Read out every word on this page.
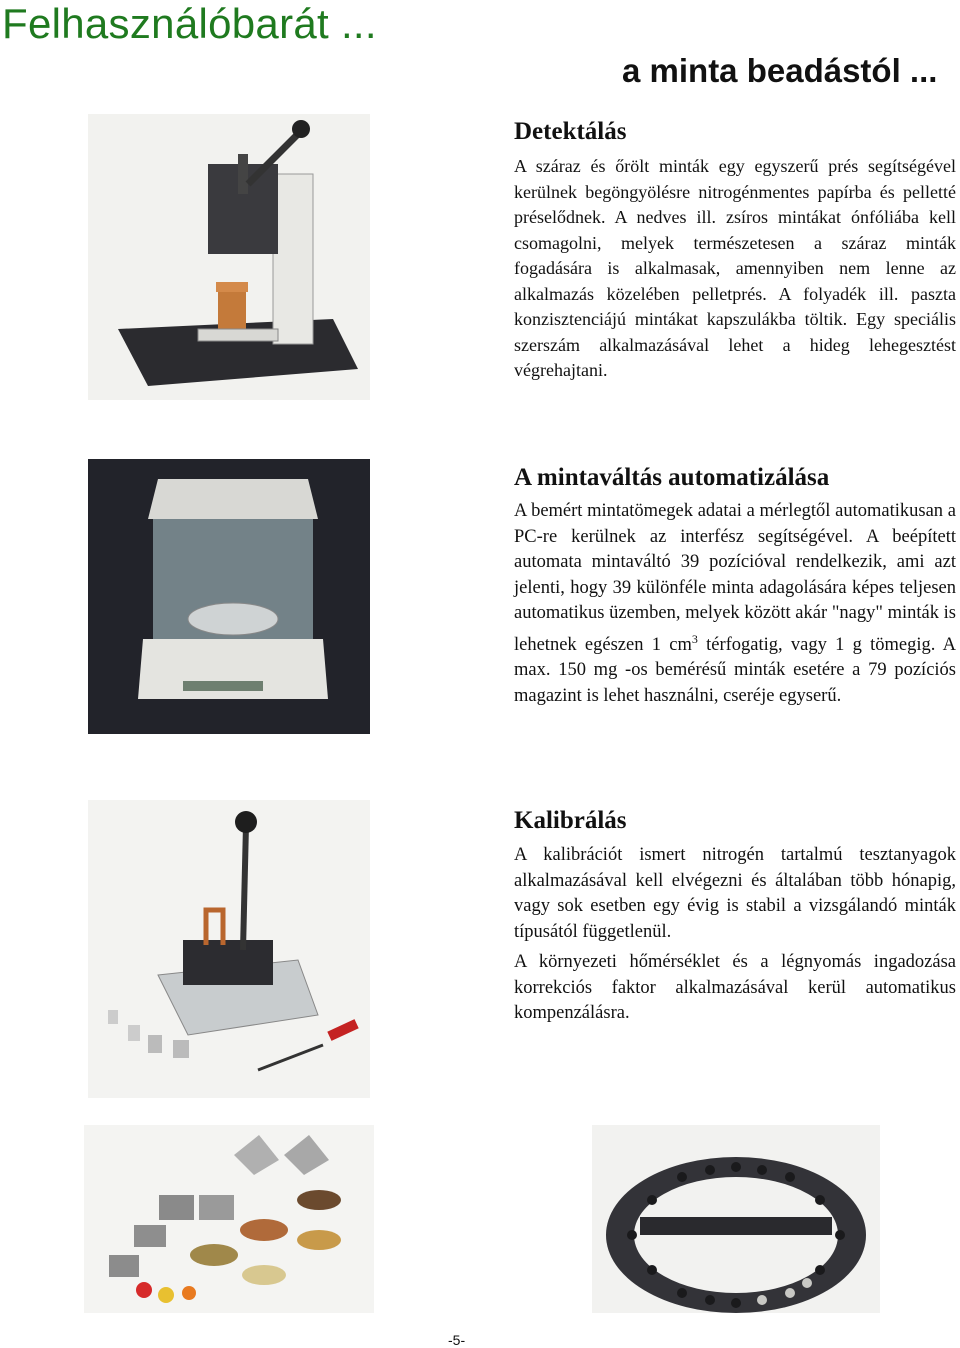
Felhasználóbarát ...
a minta beadástól ...
Detektálás
A száraz és őrölt minták egy egyszerű prés segítségével kerülnek begöngyölésre nitrogénmentes papírba és pelletté préselődnek. A nedves ill. zsíros mintákat ónfóliába kell csomagolni, melyek természetesen a száraz minták fogadására is alkalmasak, amennyiben nem lenne az alkalmazás közelében pelletprés. A folyadék ill. paszta konzisztenciájú mintákat kapszulákba töltik. Egy speciális szerszám alkalmazásával lehet a hideg lehegesztést végrehajtani.
A mintaváltás automatizálása
A bemért mintatömegek adatai a mérlegtől automatikusan a PC-re kerülnek az interfész segítségével. A beépített automata mintaváltó 39 pozícióval rendelkezik, ami azt jelenti, hogy 39 különféle minta adagolására képes teljesen automatikus üzemben, melyek között akár "nagy" minták is lehetnek egészen 1 $cm^3$ térfogatig, vagy 1 g tömegig. A max. 150 mg -os bemérésű minták esetére a 79 pozíciós magazint is lehet használni, cseréje egyserű.
Kalibrálás
A kalibrációt ismert nitrogén tartalmú tesztanyagok alkalmazásával kell elvégezni és általában több hónapig, vagy sok esetben egy évig is stabil a vizsgálandó minták típusától függetlenül.
A környezeti hőmérséklet és a légnyomás ingadozása korrekciós faktor alkalmazásával kerül automatikus kompenzálásra.
-5-
